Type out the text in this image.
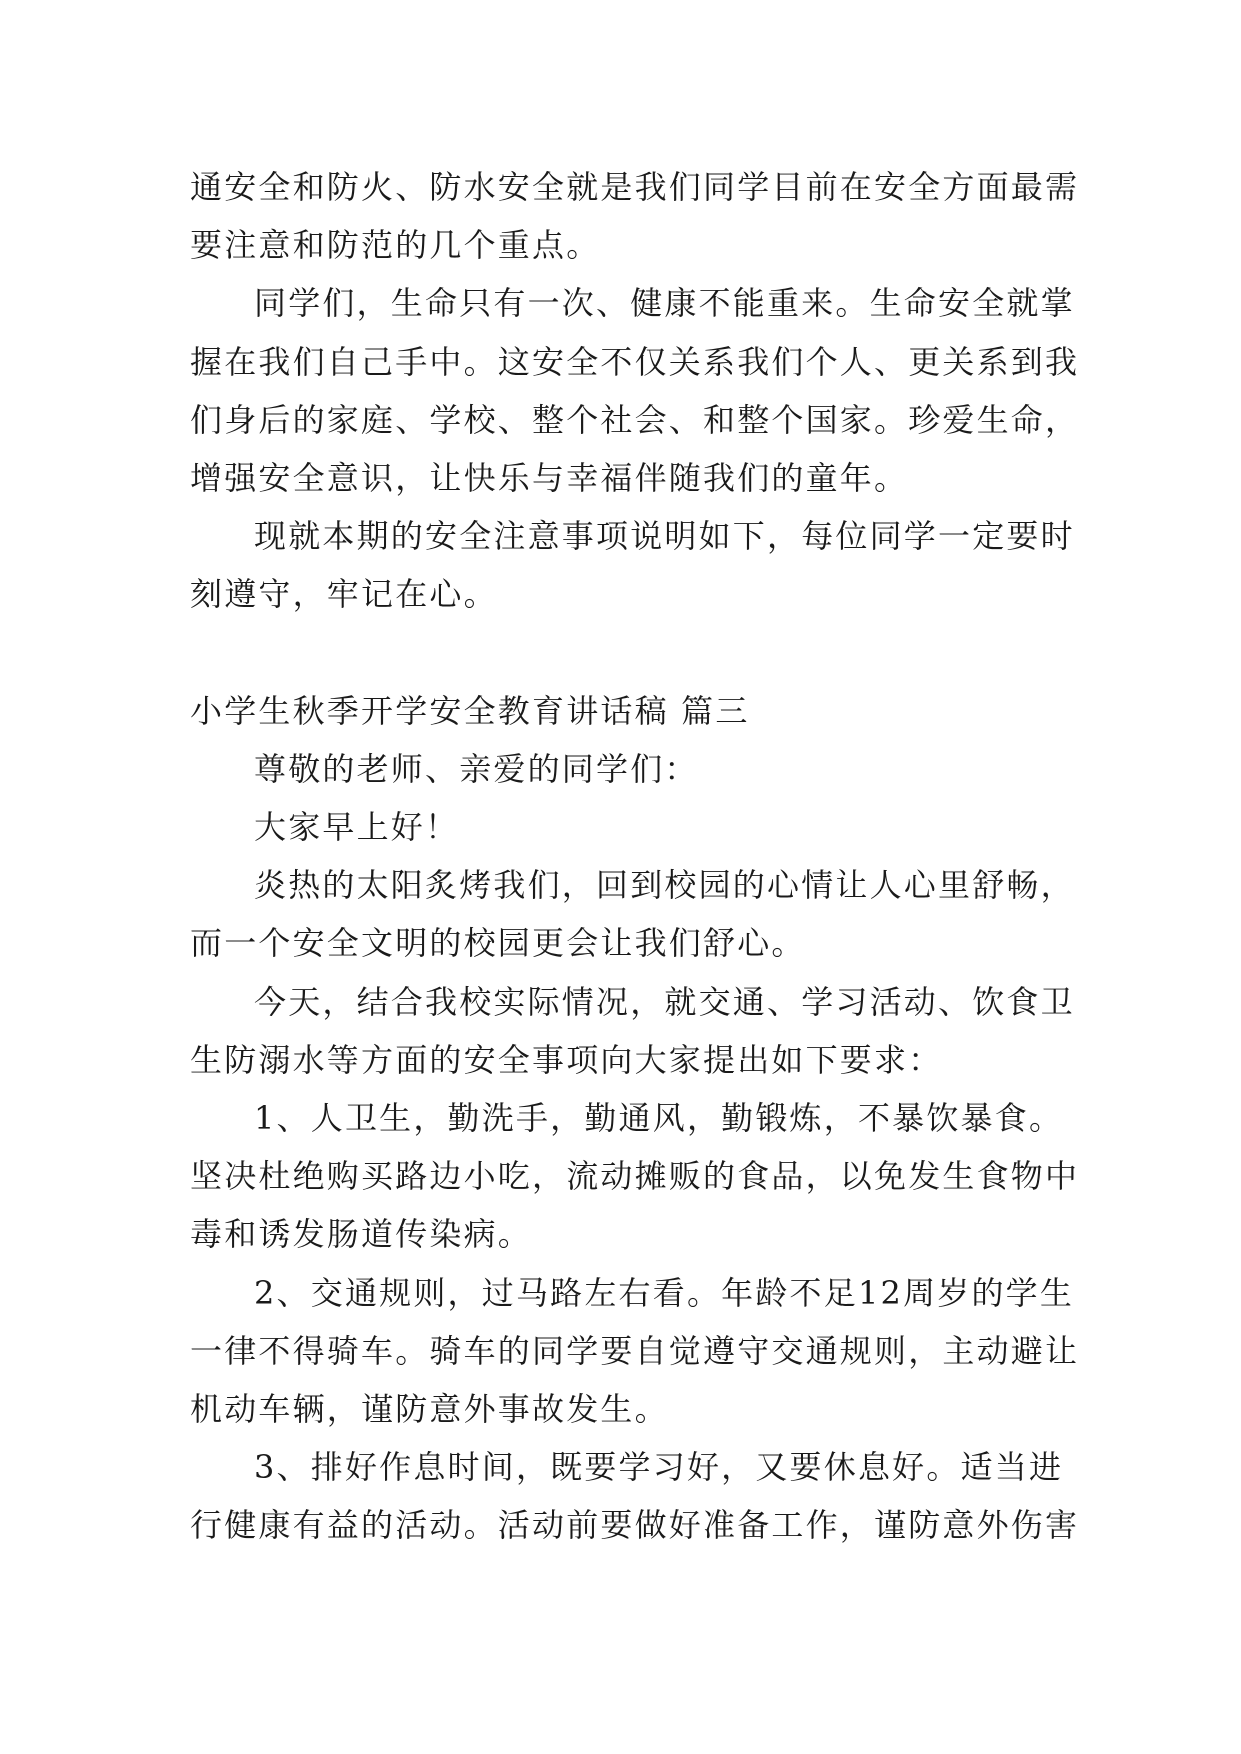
通安全和防火、防水安全就是我们同学目前在安全方面最需
要注意和防范的几个重点。
同学们，生命只有一次、健康不能重来。生命安全就掌
握在我们自己手中。这安全不仅关系我们个人、更关系到我
们身后的家庭、学校、整个社会、和整个国家。珍爱生命，
增强安全意识，让快乐与幸福伴随我们的童年。
现就本期的安全注意事项说明如下，每位同学一定要时
刻遵守，牢记在心。
小学生秋季开学安全教育讲话稿 篇三
尊敬的老师、亲爱的同学们：
大家早上好！
炎热的太阳炙烤我们，回到校园的心情让人心里舒畅，
而一个安全文明的校园更会让我们舒心。
今天，结合我校实际情况，就交通、学习活动、饮食卫
生防溺水等方面的安全事项向大家提出如下要求：
1、人卫生，勤洗手，勤通风，勤锻炼，不暴饮暴食。
坚决杜绝购买路边小吃，流动摊贩的食品，以免发生食物中
毒和诱发肠道传染病。
2、交通规则，过马路左右看。年龄不足12周岁的学生
一律不得骑车。骑车的同学要自觉遵守交通规则，主动避让
机动车辆，谨防意外事故发生。
3、排好作息时间，既要学习好，又要休息好。适当进
行健康有益的活动。活动前要做好准备工作，谨防意外伤害
